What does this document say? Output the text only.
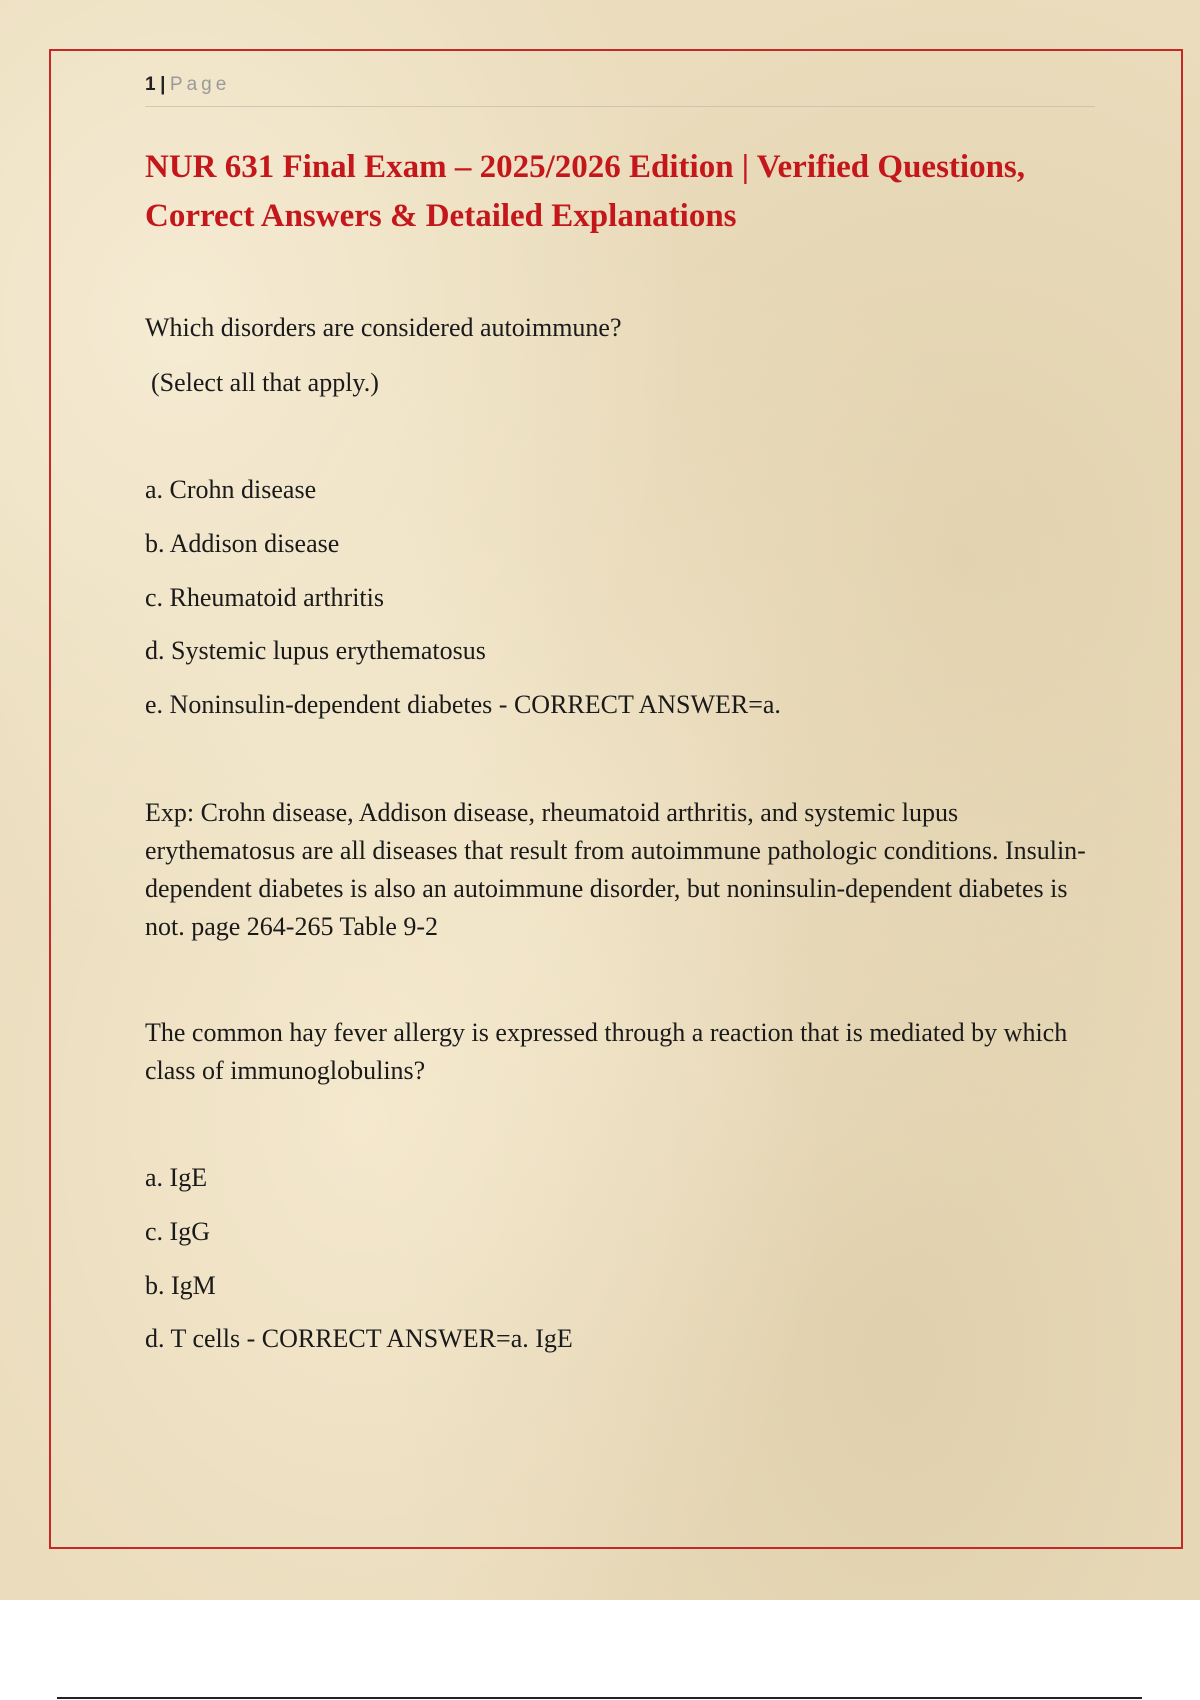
1 | Page
NUR 631 Final Exam – 2025/2026 Edition | Verified Questions, Correct Answers & Detailed Explanations

Which disorders are considered autoimmune?

(Select all that apply.)

a. Crohn disease

b. Addison disease

c. Rheumatoid arthritis

d. Systemic lupus erythematosus

e. Noninsulin-dependent diabetes - CORRECT ANSWER=a.

Exp: Crohn disease, Addison disease, rheumatoid arthritis, and systemic lupus erythematosus are all diseases that result from autoimmune pathologic conditions. Insulin-dependent diabetes is also an autoimmune disorder, but noninsulin-dependent diabetes is not. page 264-265 Table 9-2

The common hay fever allergy is expressed through a reaction that is mediated by which class of immunoglobulins?

a. IgE

c. IgG

b. IgM

d. T cells - CORRECT ANSWER=a. IgE
